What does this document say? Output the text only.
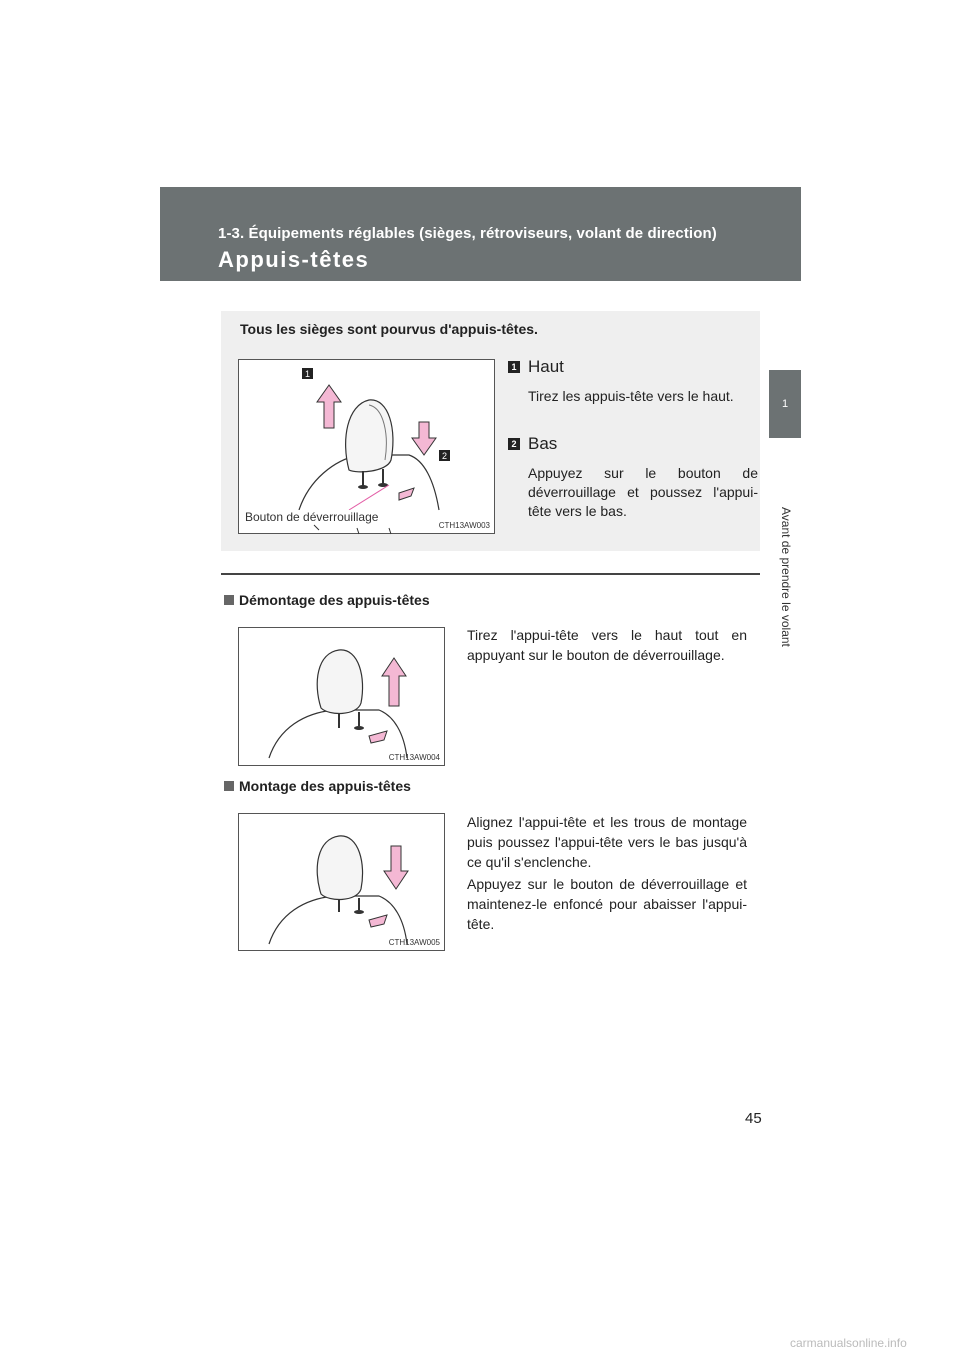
1-3. Équipements réglables (sièges, rétroviseurs, volant de direction)
Appuis-têtes
1
Avant de prendre le volant
Tous les sièges sont pourvus d'appuis-têtes.
1
2
Bouton de déverrouillage
CTH13AW003
1 Haut
Tirez les appuis-tête vers le haut.
2 Bas
Appuyez sur le bouton de déverrouillage et poussez l'appui-tête vers le bas.
Démontage des appuis-têtes
CTH13AW004

Tirez l'appui-tête vers le haut tout en appuyant sur le bouton de déverrouillage.

Montage des appuis-têtes
CTH13AW005

Alignez l'appui-tête et les trous de montage puis poussez l'appui-tête vers le bas jusqu'à ce qu'il s'enclenche.

Appuyez sur le bouton de déverrouillage et maintenez-le enfoncé pour abaisser l'appui-tête.

45
carmanualsonline.info
